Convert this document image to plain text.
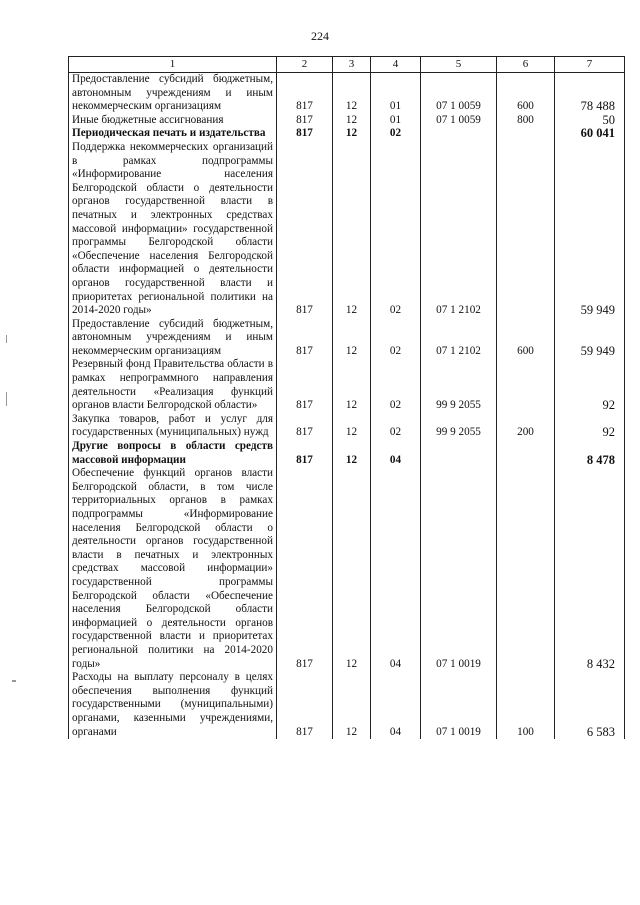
224
1	2	3	4	5	6	7
Предоставление субсидий бюджетным, автономным учреждениям и иным некоммерческим организациям	817	12	01	07 1 0059	600	78 488
Иные бюджетные ассигнования	817	12	01	07 1 0059	800	50
Периодическая печать и издательства	817	12	02			60 041
Поддержка некоммерческих организаций в рамках подпрограммы «Информирование населения Белгородской области о деятельности органов государственной власти в печатных и электронных средствах массовой информации» государственной программы Белгородской области «Обеспечение населения Белгородской области информацией о деятельности органов государственной власти и приоритетах региональной политики на 2014-2020 годы»	817	12	02	07 1 2102		59 949
Предоставление субсидий бюджетным, автономным учреждениям и иным некоммерческим организациям	817	12	02	07 1 2102	600	59 949
Резервный фонд Правительства области в рамках непрограммного направления деятельности «Реализация функций органов власти Белгородской области»	817	12	02	99 9 2055		92
Закупка товаров, работ и услуг для государственных (муниципальных) нужд	817	12	02	99 9 2055	200	92
Другие вопросы в области средств массовой информации	817	12	04			8 478
Обеспечение функций органов власти Белгородской области, в том числе территориальных органов в рамках подпрограммы «Информирование населения Белгородской области о деятельности органов государственной власти в печатных и электронных средствах массовой информации» государственной программы Белгородской области «Обеспечение населения Белгородской области информацией о деятельности органов государственной власти и приоритетах региональной политики на 2014-2020 годы»	817	12	04	07 1 0019		8 432
Расходы на выплату персоналу в целях обеспечения выполнения функций государственными (муниципальными) органами, казенными учреждениями, органами	817	12	04	07 1 0019	100	6 583
